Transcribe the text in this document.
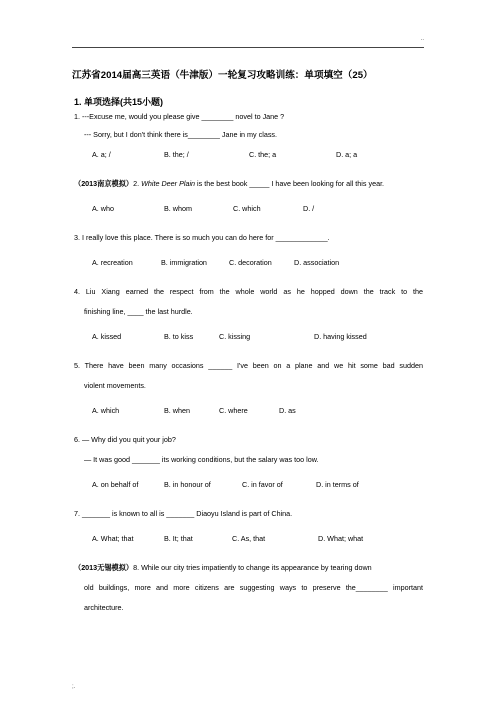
..
江苏省2014届高三英语（牛津版）一轮复习攻略训练：单项填空（25）
1. 单项选择(共15小题)
1. ---Excuse me, would you please give ________ novel to Jane ?
--- Sorry, but I don't think there is________ Jane in my class.
A. a; /	B. the; /	C. the; a	D. a; a
（2013南京模拟）2. White Deer Plain is the best book _____ I have been looking for all this year.
A. who	B. whom	C. which	D. /
3. I really love this place. There is so much you can do here for _____________.
A. recreation	B. immigration	C. decoration	D. association
4. Liu Xiang earned the respect from the whole world as he hopped down the track to the
finishing line, ____ the last hurdle.
A. kissed	B. to kiss	C. kissing	D. having kissed
5. There have been many occasions ______ I've been on a plane and we hit some bad sudden
violent movements.
A. which	B. when	C. where	D. as
6. — Why did you quit your job?
— It was good _______ its working conditions, but the salary was too low.
A. on behalf of	B. in honour of	C. in favor of	D. in terms of
7. _______ is known to all is _______ Diaoyu Island is part of China.
A. What; that	B. It; that	C. As, that	D. What; what
（2013无锡模拟）8. While our city tries impatiently to change its appearance by tearing down
old buildings, more and more citizens are suggesting ways to preserve the________ important
architecture.
;.
